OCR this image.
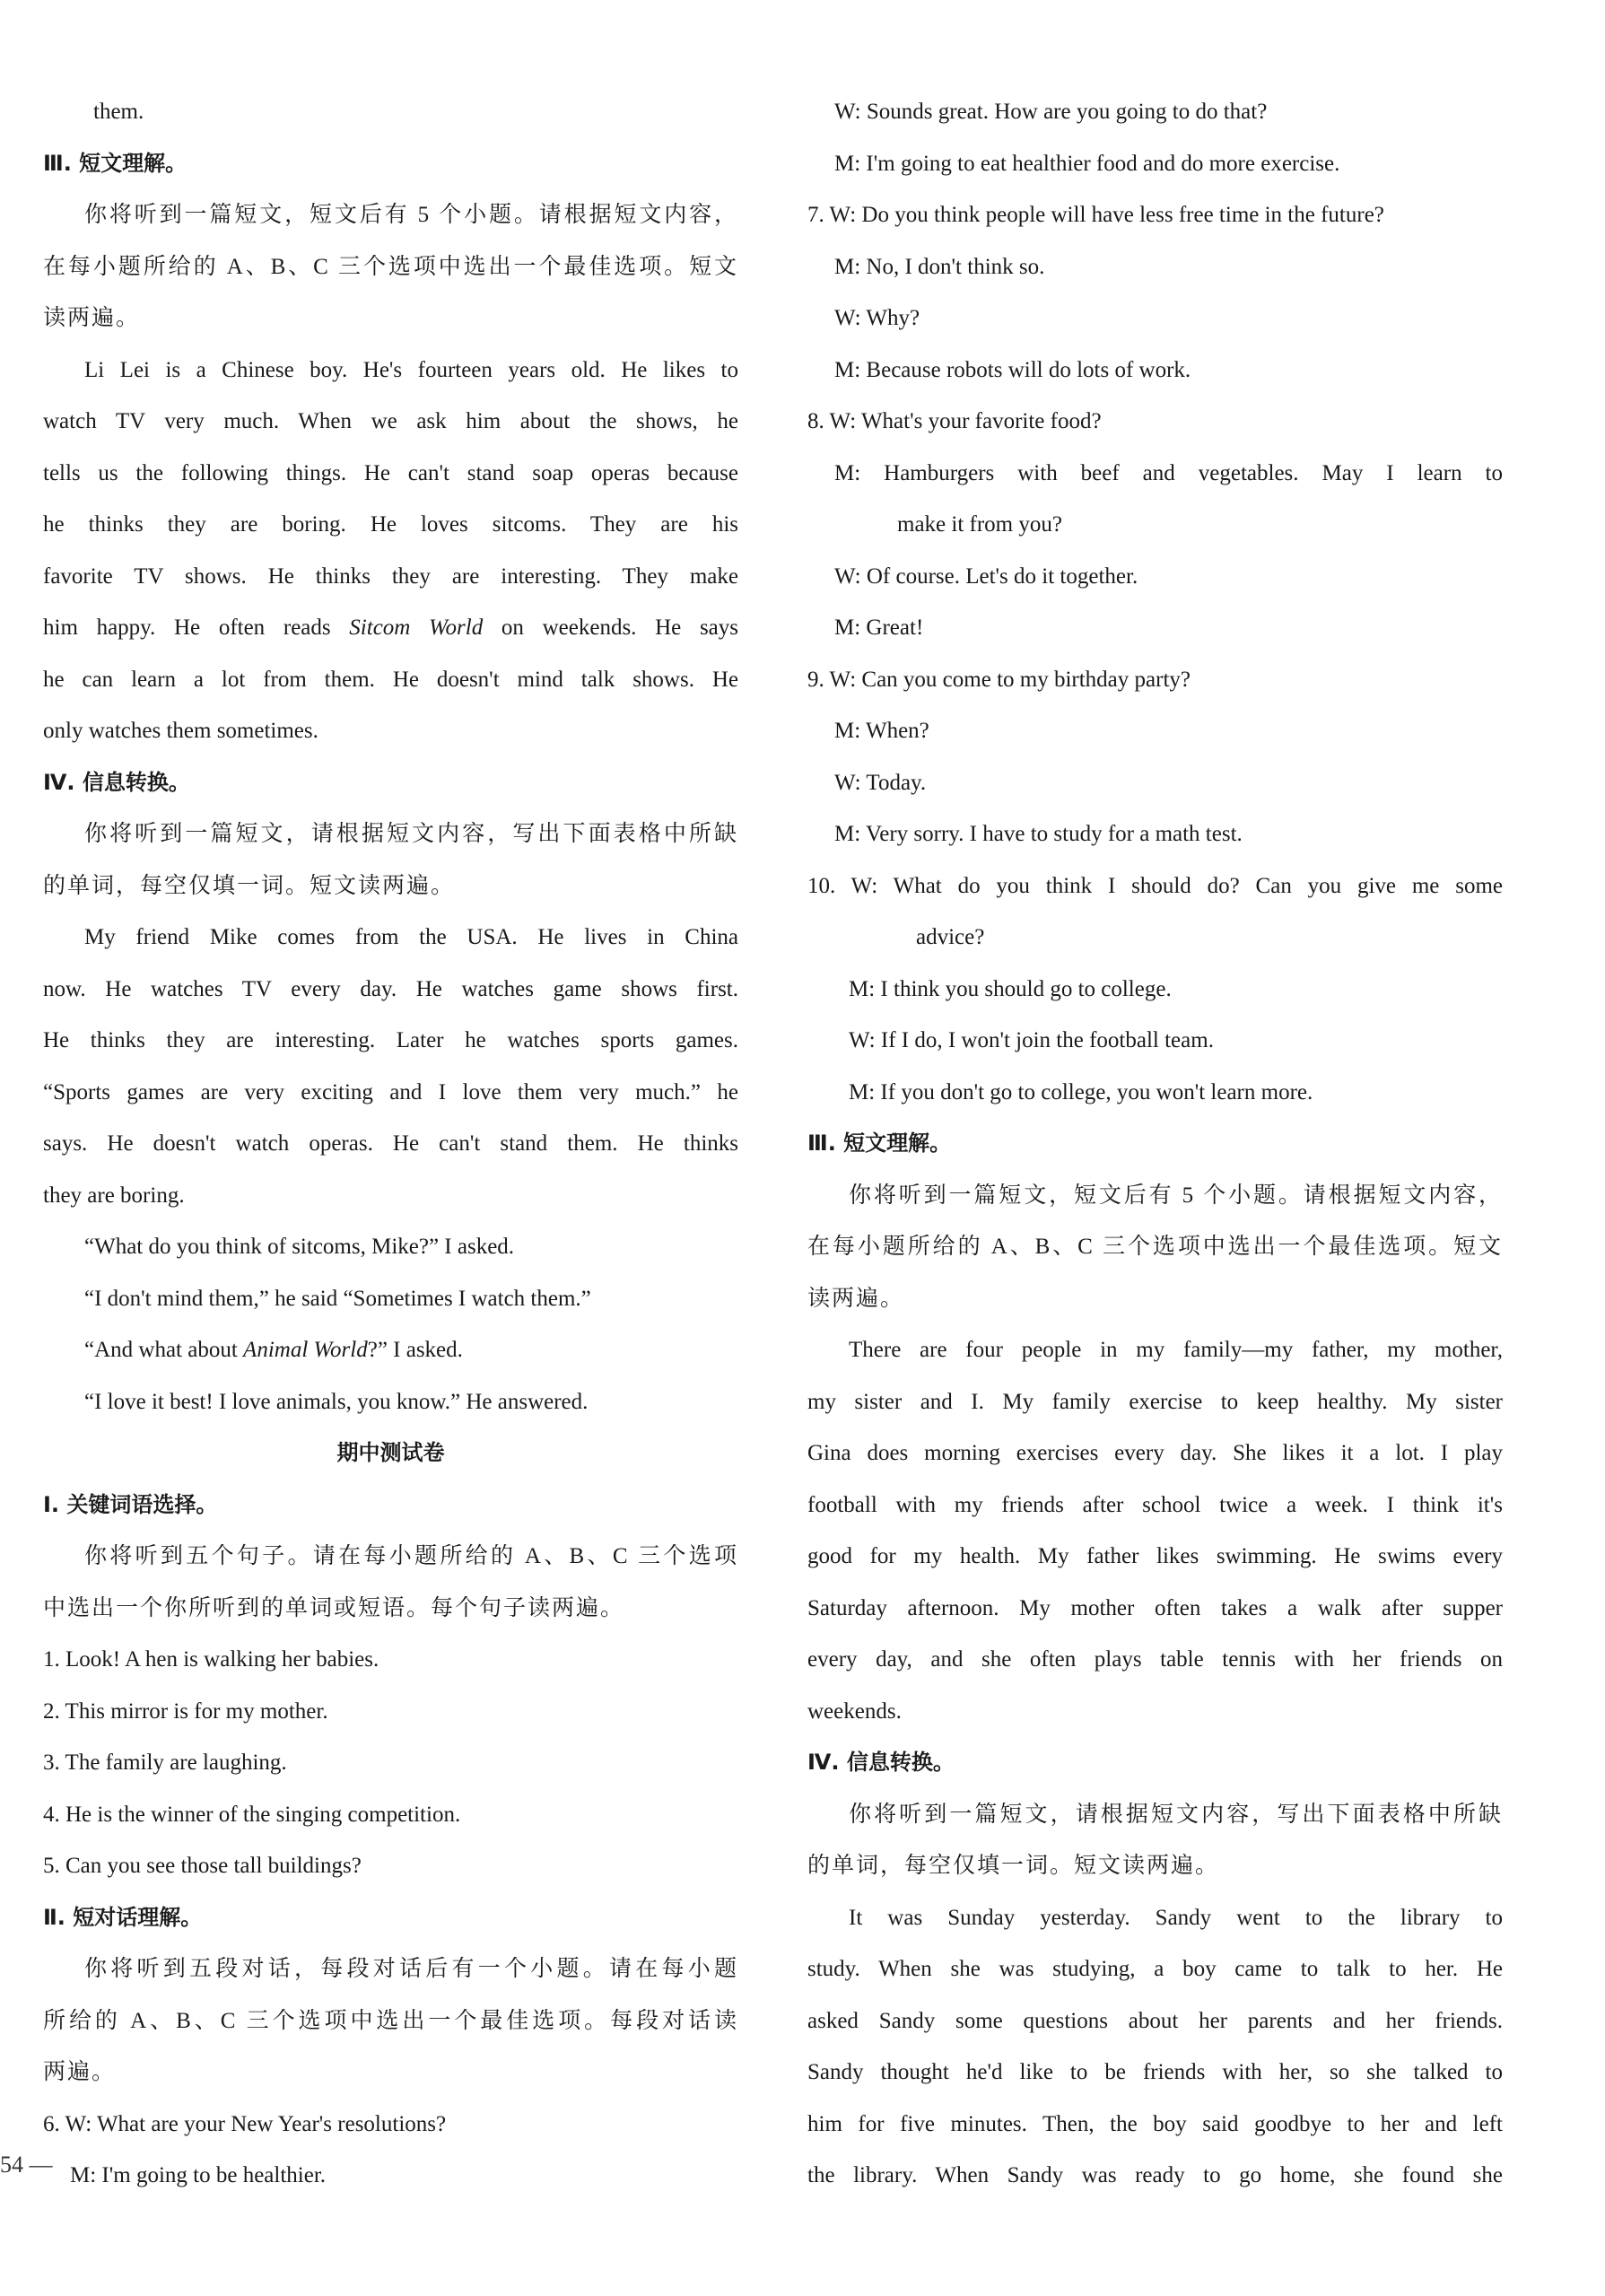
them.
Ⅲ. 短文理解。
你将听到一篇短文，短文后有 5 个小题。请根据短文内容，
在每小题所给的 A、B、C 三个选项中选出一个最佳选项。短文
读两遍。
Li Lei is a Chinese boy. He's fourteen years old. He likes to
watch TV very much. When we ask him about the shows, he
tells us the following things. He can't stand soap operas because
he thinks they are boring. He loves sitcoms. They are his
favorite TV shows. He thinks they are interesting. They make
him happy. He often reads Sitcom World on weekends. He says
he can learn a lot from them. He doesn't mind talk shows. He
only watches them sometimes.
Ⅳ. 信息转换。
你将听到一篇短文，请根据短文内容，写出下面表格中所缺
的单词，每空仅填一词。短文读两遍。
My friend Mike comes from the USA. He lives in China
now. He watches TV every day. He watches game shows first.
He thinks they are interesting. Later he watches sports games.
“Sports games are very exciting and I love them very much.” he
says. He doesn't watch operas. He can't stand them. He thinks
they are boring.
“What do you think of sitcoms, Mike?” I asked.
“I don't mind them,” he said “Sometimes I watch them.”
“And what about Animal World?” I asked.
“I love it best! I love animals, you know.” He answered.
期中测试卷
Ⅰ. 关键词语选择。
你将听到五个句子。请在每小题所给的 A、B、C 三个选项
中选出一个你所听到的单词或短语。每个句子读两遍。
1. Look! A hen is walking her babies.
2. This mirror is for my mother.
3. The family are laughing.
4. He is the winner of the singing competition.
5. Can you see those tall buildings?
Ⅱ. 短对话理解。
你将听到五段对话，每段对话后有一个小题。请在每小题
所给的 A、B、C 三个选项中选出一个最佳选项。每段对话读
两遍。
6. W: What are your New Year's resolutions?
M: I'm going to be healthier.
W: Sounds great. How are you going to do that?
M: I'm going to eat healthier food and do more exercise.
7. W: Do you think people will have less free time in the future?
M: No, I don't think so.
W: Why?
M: Because robots will do lots of work.
8. W: What's your favorite food?
M: Hamburgers with beef and vegetables. May I learn to
make it from you?
W: Of course. Let's do it together.
M: Great!
9. W: Can you come to my birthday party?
M: When?
W: Today.
M: Very sorry. I have to study for a math test.
10. W: What do you think I should do? Can you give me some
advice?
M: I think you should go to college.
W: If I do, I won't join the football team.
M: If you don't go to college, you won't learn more.
Ⅲ. 短文理解。
你将听到一篇短文，短文后有 5 个小题。请根据短文内容，
在每小题所给的 A、B、C 三个选项中选出一个最佳选项。短文
读两遍。
There are four people in my family—my father, my mother,
my sister and I. My family exercise to keep healthy. My sister
Gina does morning exercises every day. She likes it a lot. I play
football with my friends after school twice a week. I think it's
good for my health. My father likes swimming. He swims every
Saturday afternoon. My mother often takes a walk after supper
every day, and she often plays table tennis with her friends on
weekends.
Ⅳ. 信息转换。
你将听到一篇短文，请根据短文内容，写出下面表格中所缺
的单词，每空仅填一词。短文读两遍。
It was Sunday yesterday. Sandy went to the library to
study. When she was studying, a boy came to talk to her. He
asked Sandy some questions about her parents and her friends.
Sandy thought he'd like to be friends with her, so she talked to
him for five minutes. Then, the boy said goodbye to her and left
the library. When Sandy was ready to go home, she found she
54 —
